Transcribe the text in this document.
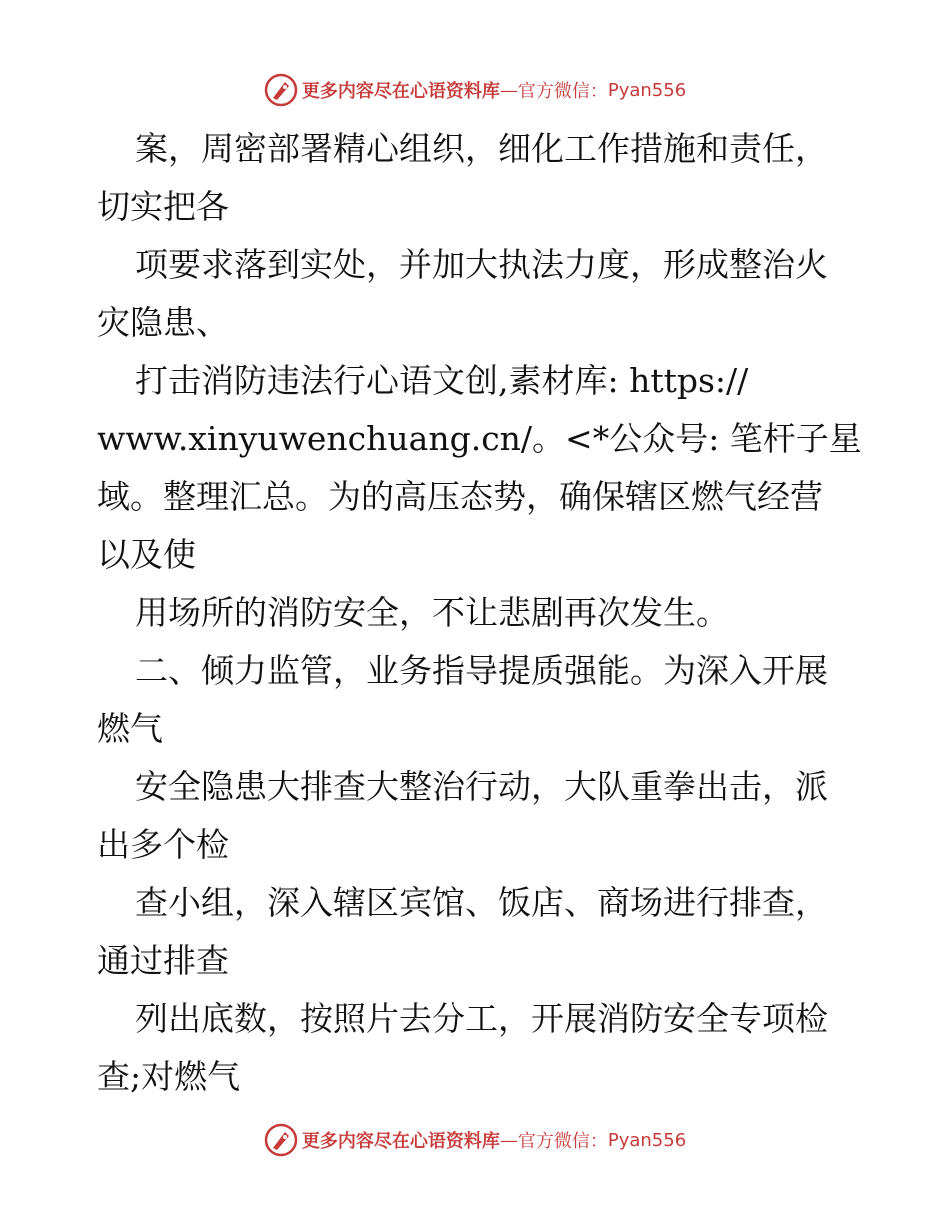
更多内容尽在心语资料库 — 官方微信： Pyan556
案，周密部署精心组织，细化工作措施和责任，
切实把各
项要求落到实处，并加大执法力度，形成整治火
灾隐患、
打击消防违法行心语文创,素材库: https://
www.xinyuwenchuang.cn/。<*公众号: 笔杆子星
域。整理汇总。为的高压态势，确保辖区燃气经营
以及使
用场所的消防安全，不让悲剧再次发生。
二、倾力监管，业务指导提质强能。为深入开展
燃气
安全隐患大排查大整治行动，大队重拳出击，派
出多个检
查小组，深入辖区宾馆、饭店、商场进行排查，
通过排查
列出底数，按照片去分工，开展消防安全专项检
查;对燃气
更多内容尽在心语资料库 — 官方微信： Pyan556
